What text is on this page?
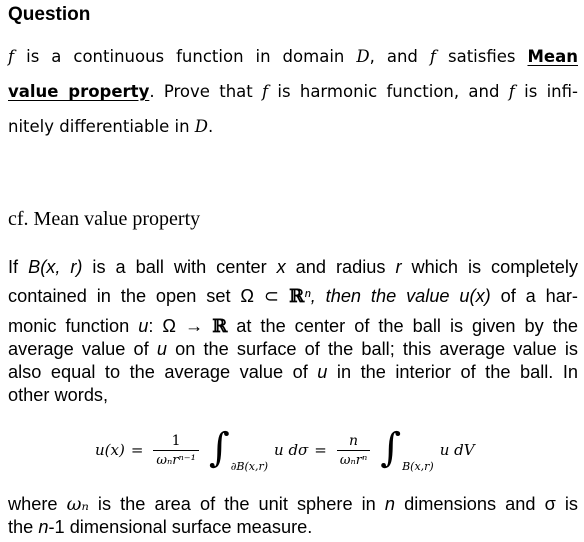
Question
f is a continuous function in domain D, and f satisfies Mean
value property. Prove that f is harmonic function, and f is infi-
nitely differentiable in D.
cf. Mean value property
If B(x, r) is a ball with center x and radius r which is completely
contained in the open set Ω ⊂ ℝⁿ, then the value u(x) of a har-
monic function u: Ω → ℝ at the center of the ball is given by the
average value of u on the surface of the ball; this average value is
also equal to the average value of u in the interior of the ball. In
other words,
$u(x) = \frac{1}{\text{ωₙrⁿ⁻¹}}$ ∫ ∂B(x,r)
u $d\sigma = \frac{n}{\text{ωₙrⁿ}}$ ∫ B(x,r)
u dV
where ωₙ is the area of the unit sphere in n dimensions and σ is
the n-1 dimensional surface measure.
